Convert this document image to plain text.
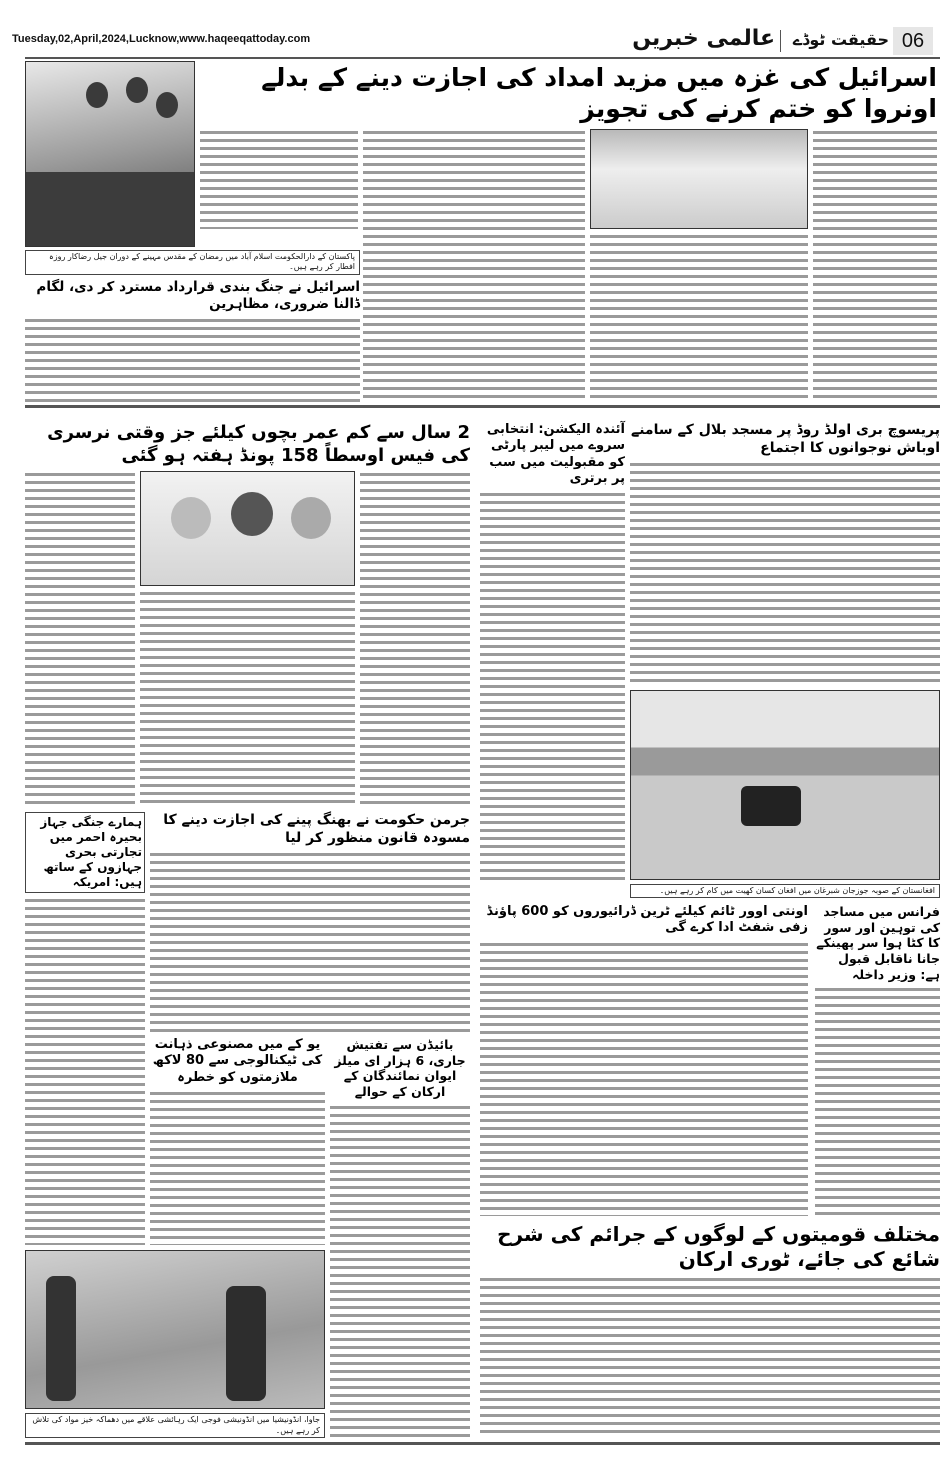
Tuesday,02,April,2024,Lucknow,www.haqeeqattoday.com	عالمی خبریں	حقیقت ٹوڈے 06
اسرائیل کی غزہ میں مزید امداد کی اجازت دینے کے بدلے اونروا کو ختم کرنے کی تجویز
پاکستان کے دارالحکومت اسلام آباد میں رمضان کے مقدس مہینے کے دوران جیل رضاکار روزہ افطار کر رہے ہیں۔
اسرائیل نے جنگ بندی قرارداد مسترد کر دی، لگام ڈالنا ضروری، مظاہرین
پریسوچ بری اولڈ روڈ پر مسجد بلال کے سامنے اوباش نوجوانوں کا اجتماع
آئندہ الیکشن: انتخابی سروے میں لیبر پارٹی کو مقبولیت میں سب پر برتری
افغانستان کے صوبہ جوزجان شبرغان میں افغان کسان کھیت میں کام کر رہے ہیں۔
فرانس میں مساجد کی توہین اور سور کا کٹا ہوا سر پھینکے جانا ناقابل قبول ہے: وزیر داخلہ
اونتی اوور ٹائم کیلئے ٹرین ڈرائیوروں کو 600 پاؤنڈ زفی شفٹ ادا کرے گی
مختلف قومیتوں کے لوگوں کے جرائم کی شرح شائع کی جائے، ٹوری ارکان
2 سال سے کم عمر بچوں کیلئے جز وقتی نرسری کی فیس اوسطاً 158 پونڈ ہفتہ ہو گئی
جرمن حکومت نے بھنگ پینے کی اجازت دینے کا مسودہ قانون منظور کر لیا
ہمارے جنگی جہاز بحیرہ احمر میں تجارتی بحری جہازوں کے ساتھ ہیں: امریکہ
یو کے میں مصنوعی ذہانت کی ٹیکنالوجی سے 80 لاکھ ملازمتوں کو خطرہ
بائیڈن سے تفتیش جاری، 6 ہزار ای میلز ایوان نمائندگان کے ارکان کے حوالے
جاوا، انڈونیشیا میں انڈونیشی فوجی ایک رہائشی علاقے میں دھماکہ خیز مواد کی تلاش کر رہے ہیں۔
